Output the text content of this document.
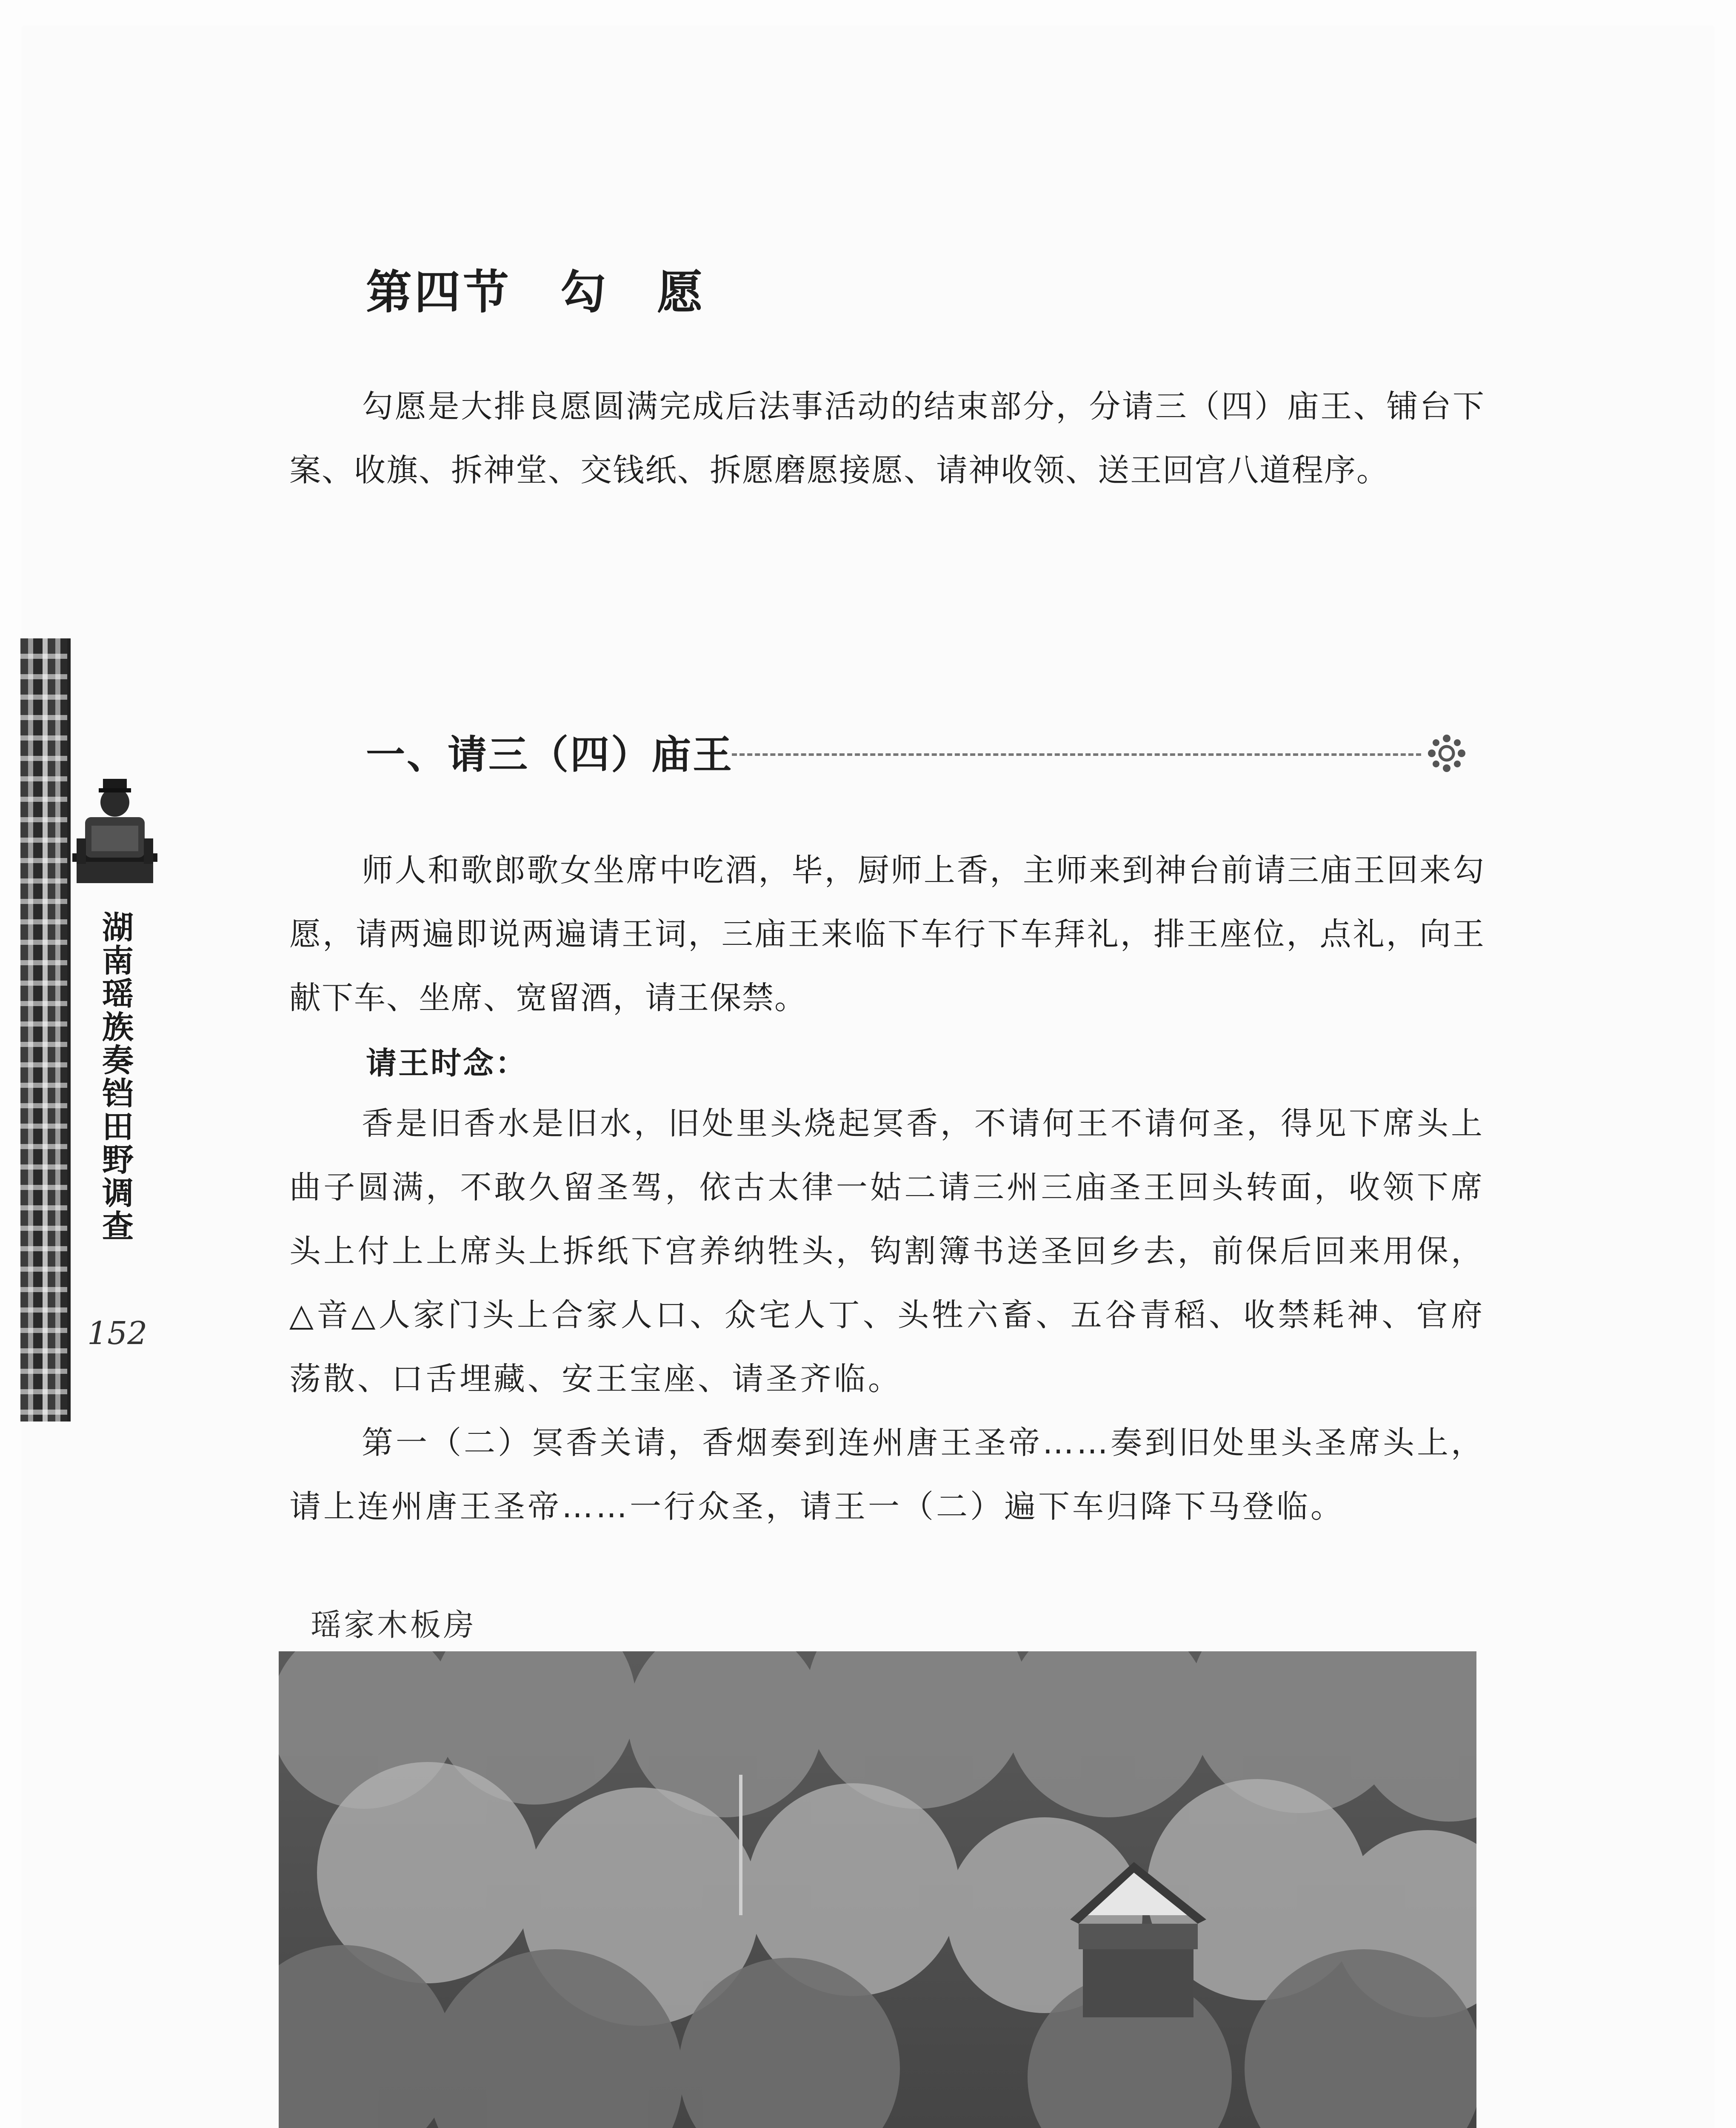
湖南瑶族奏铛田野调查
152
第四节　勾　愿

勾愿是大排良愿圆满完成后法事活动的结束部分，分请三（四）庙王、铺台下案、收旗、拆神堂、交钱纸、拆愿磨愿接愿、请神收领、送王回宫八道程序。

一、请三（四）庙王

师人和歌郎歌女坐席中吃酒，毕，厨师上香，主师来到神台前请三庙王回来勾愿，请两遍即说两遍请王词，三庙王来临下车行下车拜礼，排王座位，点礼，向王献下车、坐席、宽留酒，请王保禁。

请王时念：

香是旧香水是旧水，旧处里头烧起冥香，不请何王不请何圣，得见下席头上曲子圆满，不敢久留圣驾，依古太律一姑二请三州三庙圣王回头转面，收领下席头上付上上席头上拆纸下宫养纳牲头，钩割簿书送圣回乡去，前保后回来用保，△音△人家门头上合家人口、众宅人丁、头牲六畜、五谷青稻、收禁耗神、官府荡散、口舌埋藏、安王宝座、请圣齐临。

第一（二）冥香关请，香烟奏到连州唐王圣帝……奏到旧处里头圣席头上，请上连州唐王圣帝……一行众圣，请王一（二）遍下车归降下马登临。

瑶家木板房
